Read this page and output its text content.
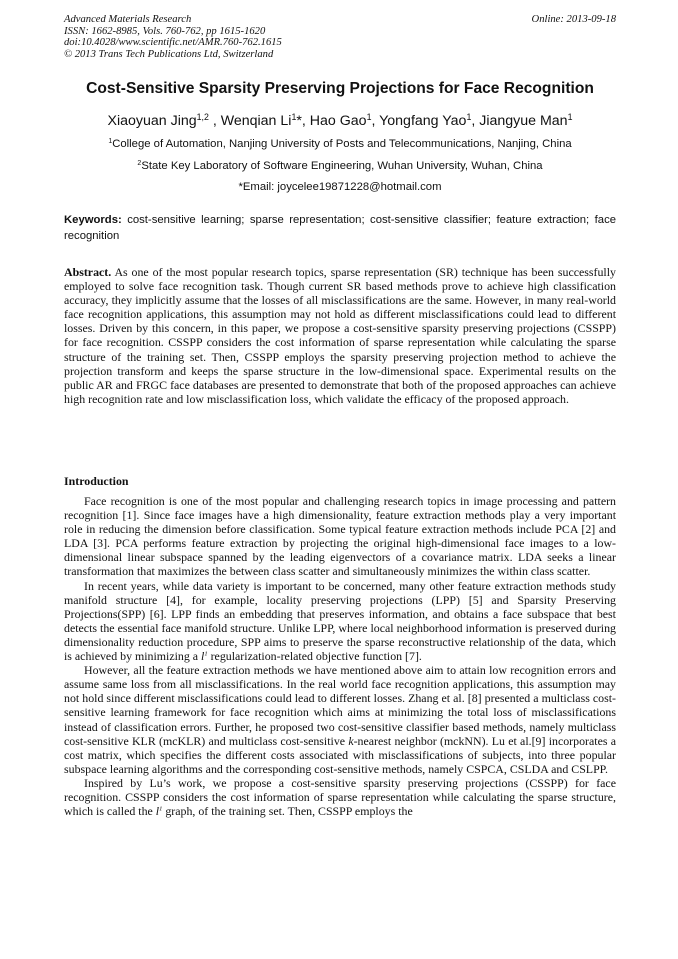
Advanced Materials Research
ISSN: 1662-8985, Vols. 760-762, pp 1615-1620
doi:10.4028/www.scientific.net/AMR.760-762.1615
© 2013 Trans Tech Publications Ltd, Switzerland
Online: 2013-09-18
Cost-Sensitive Sparsity Preserving Projections for Face Recognition
Xiaoyuan Jing$^{1,2}$ , Wenqian Li$^1$*, Hao Gao$^1$, Yongfang Yao$^1$, Jiangyue Man$^1$
$^1$College of Automation, Nanjing University of Posts and Telecommunications, Nanjing, China
$^2$State Key Laboratory of Software Engineering, Wuhan University, Wuhan, China
*Email: joycelee19871228@hotmail.com
Keywords: cost-sensitive learning; sparse representation; cost-sensitive classifier; feature extraction; face recognition
Abstract. As one of the most popular research topics, sparse representation (SR) technique has been successfully employed to solve face recognition task. Though current SR based methods prove to achieve high classification accuracy, they implicitly assume that the losses of all misclassifications are the same. However, in many real-world face recognition applications, this assumption may not hold as different misclassifications could lead to different losses. Driven by this concern, in this paper, we propose a cost-sensitive sparsity preserving projections (CSSPP) for face recognition. CSSPP considers the cost information of sparse representation while calculating the sparse structure of the training set. Then, CSSPP employs the sparsity preserving projection method to achieve the projection transform and keeps the sparse structure in the low-dimensional space. Experimental results on the public AR and FRGC face databases are presented to demonstrate that both of the proposed approaches can achieve high recognition rate and low misclassification loss, which validate the efficacy of the proposed approach.
Introduction

Face recognition is one of the most popular and challenging research topics in image processing and pattern recognition [1]. Since face images have a high dimensionality, feature extraction methods play a very important role in reducing the dimension before classification. Some typical feature extraction methods include PCA [2] and LDA [3]. PCA performs feature extraction by projecting the original high-dimensional face images to a low-dimensional linear subspace spanned by the leading eigenvectors of a covariance matrix. LDA seeks a linear transformation that maximizes the between class scatter and simultaneously minimizes the within class scatter.

In recent years, while data variety is important to be concerned, many other feature extraction methods study manifold structure [4], for example, locality preserving projections (LPP) [5] and Sparsity Preserving Projections(SPP) [6]. LPP finds an embedding that preserves information, and obtains a face subspace that best detects the essential face manifold structure. Unlike LPP, where local neighborhood information is preserved during dimensionality reduction procedure, SPP aims to preserve the sparse reconstructive relationship of the data, which is achieved by minimizing a $l^1$ regularization-related objective function [7].

However, all the feature extraction methods we have mentioned above aim to attain low recognition errors and assume same loss from all misclassifications. In the real world face recognition applications, this assumption may not hold since different misclassifications could lead to different losses. Zhang et al. [8] presented a multiclass cost-sensitive learning framework for face recognition which aims at minimizing the total loss of misclassifications instead of classification errors. Further, he proposed two cost-sensitive classifier based methods, namely multiclass cost-sensitive KLR (mcKLR) and multiclass cost-sensitive k-nearest neighbor (mckNN). Lu et al.[9] incorporates a cost matrix, which specifies the different costs associated with misclassifications of subjects, into three popular subspace learning algorithms and the corresponding cost-sensitive methods, namely CSPCA, CSLDA and CSLPP.

Inspired by Lu’s work, we propose a cost-sensitive sparsity preserving projections (CSSPP) for face recognition. CSSPP considers the cost information of sparse representation while calculating the sparse structure, which is called the $l^1$ graph, of the training set. Then, CSSPP employs the
